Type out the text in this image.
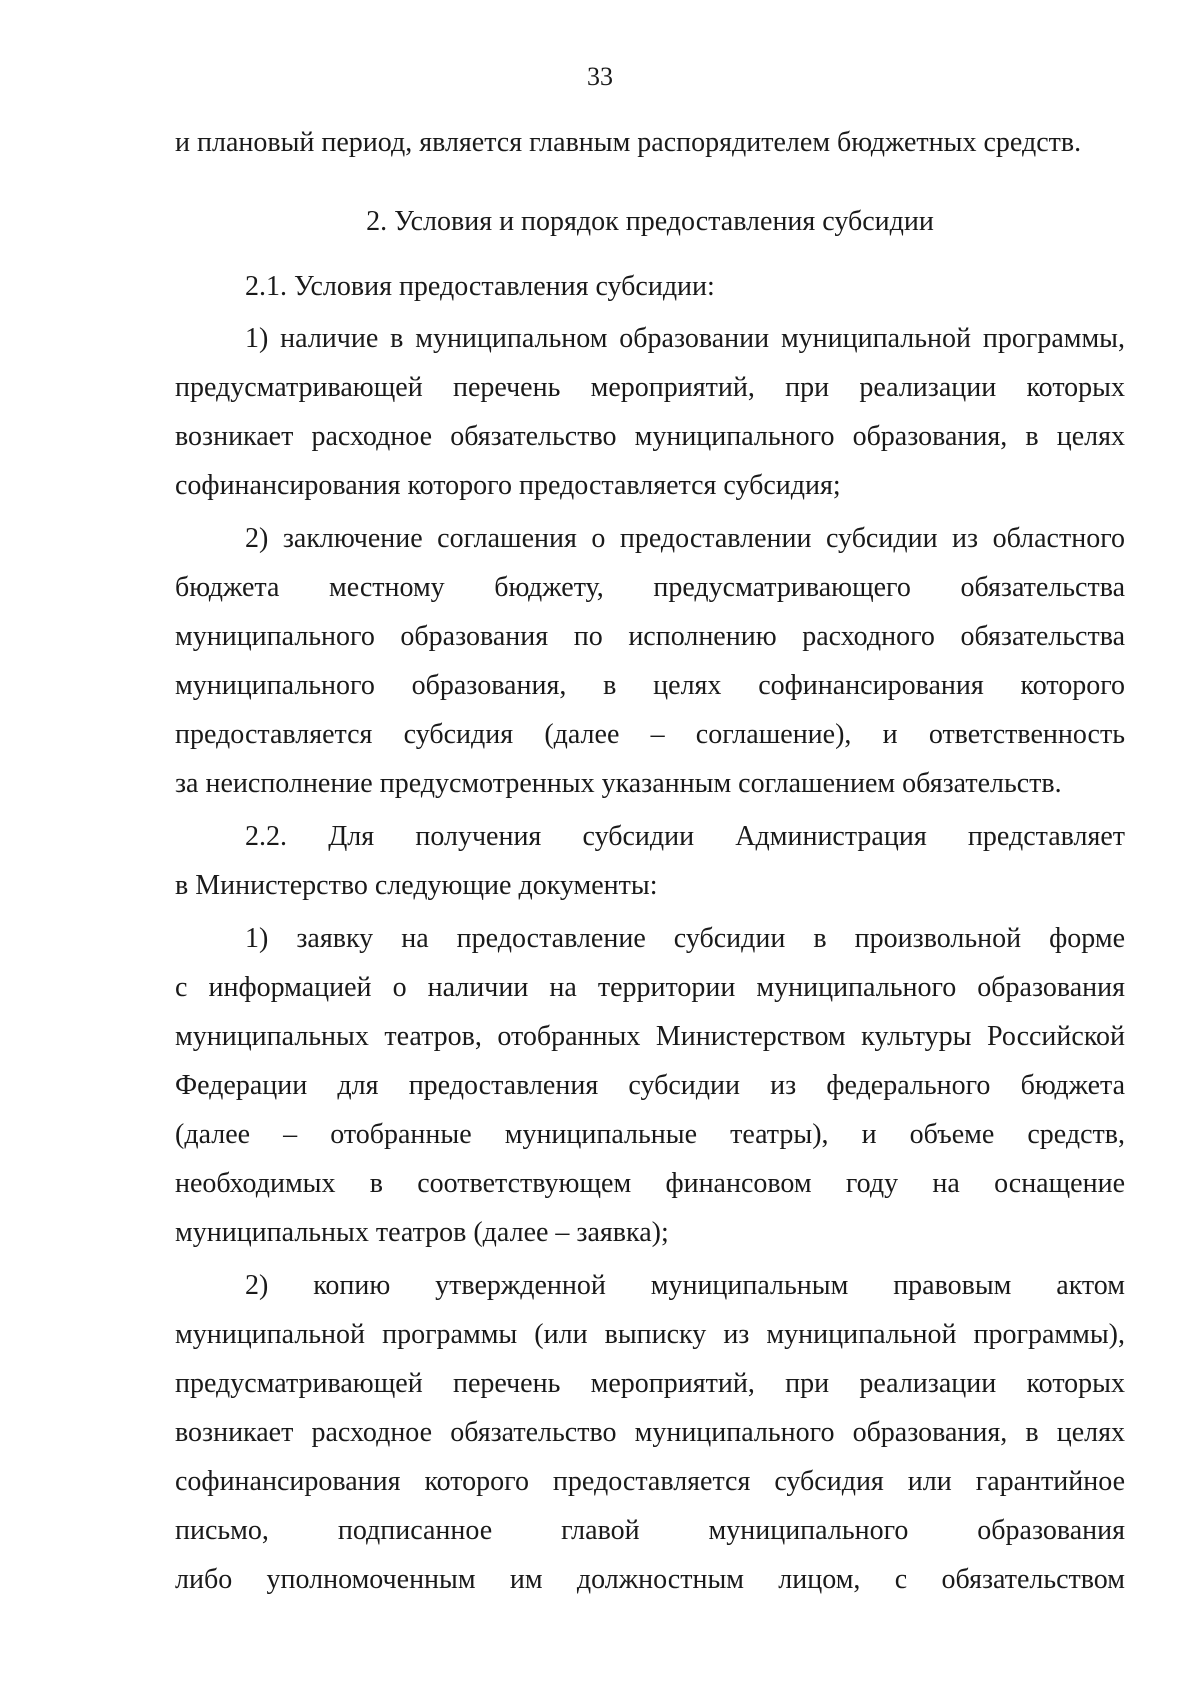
33

и плановый период, является главным распорядителем бюджетных средств.

2. Условия и порядок предоставления субсидии

2.1. Условия предоставления субсидии:

1) наличие в муниципальном образовании муниципальной программы,

предусматривающей перечень мероприятий, при реализации которых

возникает расходное обязательство муниципального образования, в целях

софинансирования которого предоставляется субсидия;

2) заключение соглашения о предоставлении субсидии из областного

бюджета местному бюджету, предусматривающего обязательства

муниципального образования по исполнению расходного обязательства

муниципального образования, в целях софинансирования которого

предоставляется субсидия (далее – соглашение), и ответственность

за неисполнение предусмотренных указанным соглашением обязательств.

2.2. Для получения субсидии Администрация представляет

в Министерство следующие документы:

1) заявку на предоставление субсидии в произвольной форме

с информацией о наличии на территории муниципального образования

муниципальных театров, отобранных Министерством культуры Российской

Федерации для предоставления субсидии из федерального бюджета

(далее – отобранные муниципальные театры), и объеме средств,

необходимых в соответствующем финансовом году на оснащение

муниципальных театров (далее – заявка);

2) копию утвержденной муниципальным правовым актом

муниципальной программы (или выписку из муниципальной программы),

предусматривающей перечень мероприятий, при реализации которых

возникает расходное обязательство муниципального образования, в целях

софинансирования которого предоставляется субсидия или гарантийное

письмо, подписанное главой муниципального образования

либо уполномоченным им должностным лицом, с обязательством
